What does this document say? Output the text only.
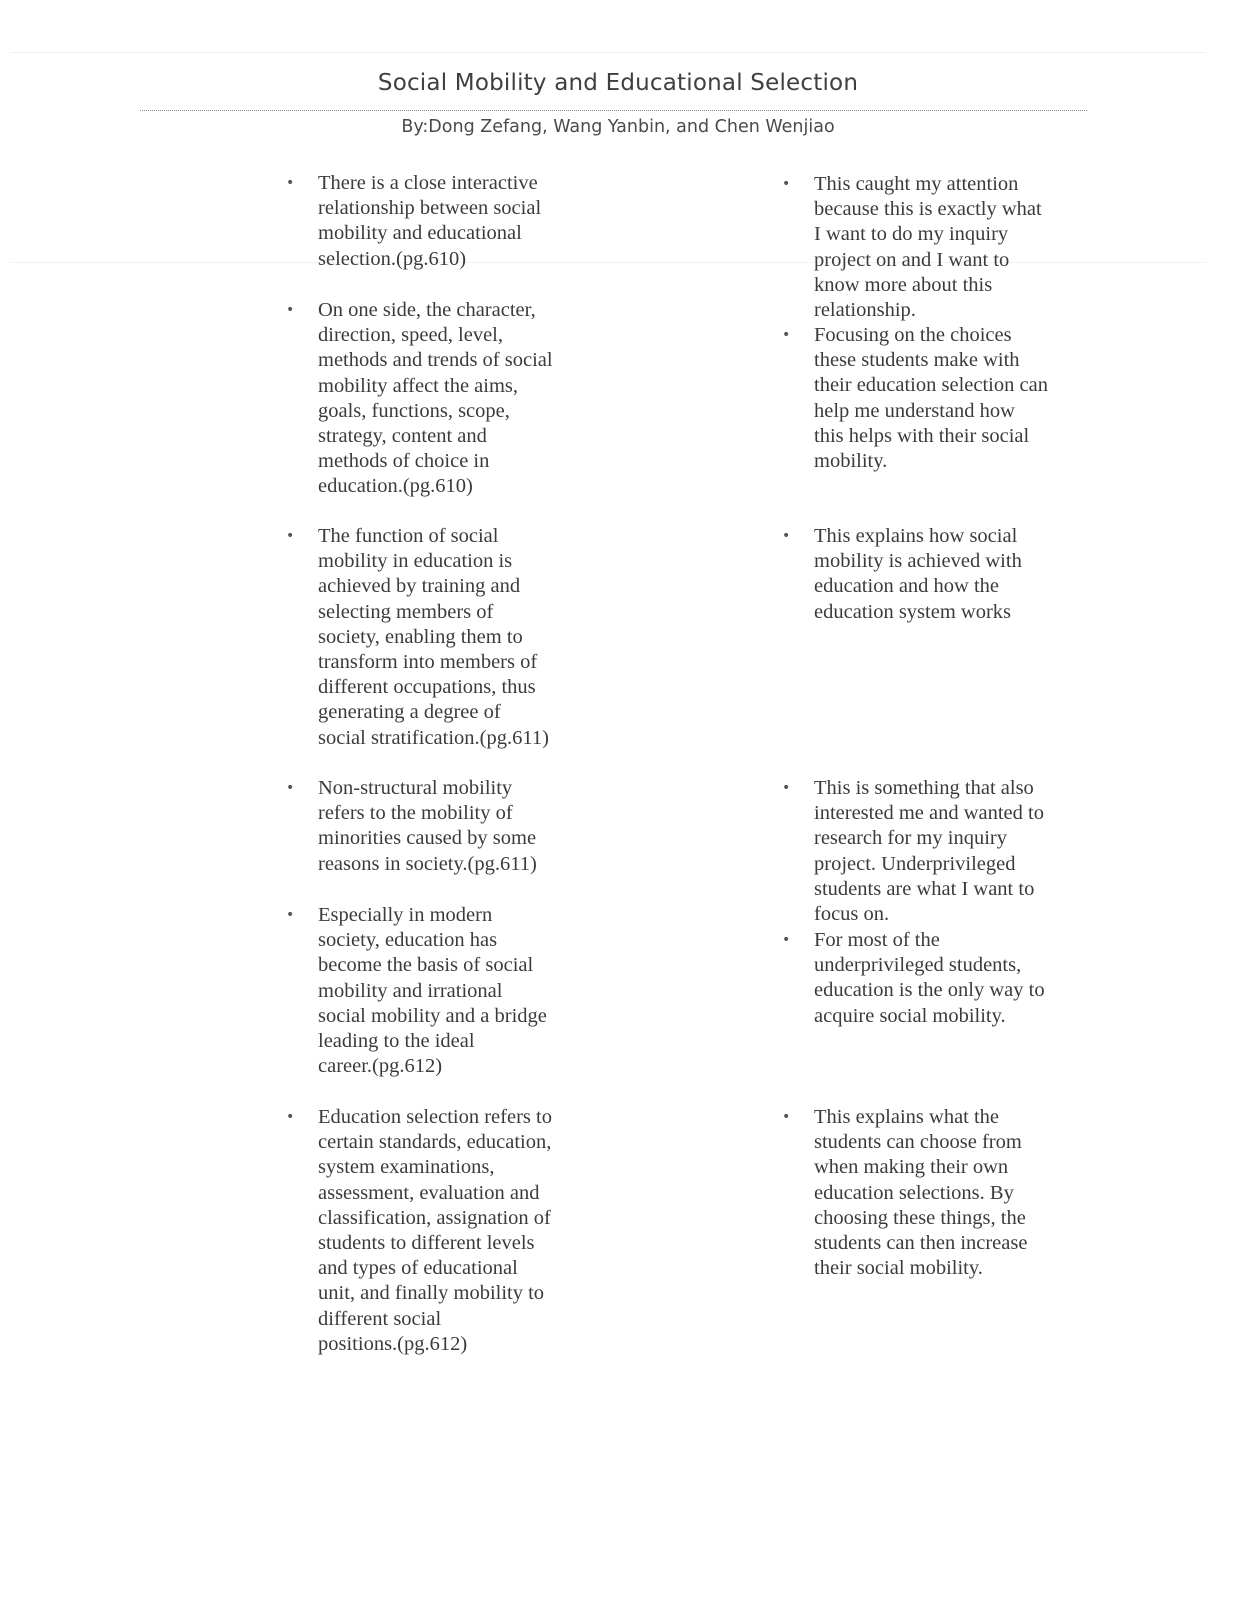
Social Mobility and Educational Selection
By:Dong Zefang, Wang Yanbin, and Chen Wenjiao
• There is a close interactive
relationship between social
mobility and educational
selection.(pg.610)
• On one side, the character,
direction, speed, level,
methods and trends of social
mobility affect the aims,
goals, functions, scope,
strategy, content and
methods of choice in
education.(pg.610)
• The function of social
mobility in education is
achieved by training and
selecting members of
society, enabling them to
transform into members of
different occupations, thus
generating a degree of
social stratification.(pg.611)
• Non-structural mobility
refers to the mobility of
minorities caused by some
reasons in society.(pg.611)
• Especially in modern
society, education has
become the basis of social
mobility and irrational
social mobility and a bridge
leading to the ideal
career.(pg.612)
• Education selection refers to
certain standards, education,
system examinations,
assessment, evaluation and
classification, assignation of
students to different levels
and types of educational
unit, and finally mobility to
different social
positions.(pg.612)
• This caught my attention
because this is exactly what
I want to do my inquiry
project on and I want to
know more about this
relationship.
• Focusing on the choices
these students make with
their education selection can
help me understand how
this helps with their social
mobility.
• This explains how social
mobility is achieved with
education and how the
education system works
• This is something that also
interested me and wanted to
research for my inquiry
project. Underprivileged
students are what I want to
focus on.
• For most of the
underprivileged students,
education is the only way to
acquire social mobility.
• This explains what the
students can choose from
when making their own
education selections. By
choosing these things, the
students can then increase
their social mobility.
